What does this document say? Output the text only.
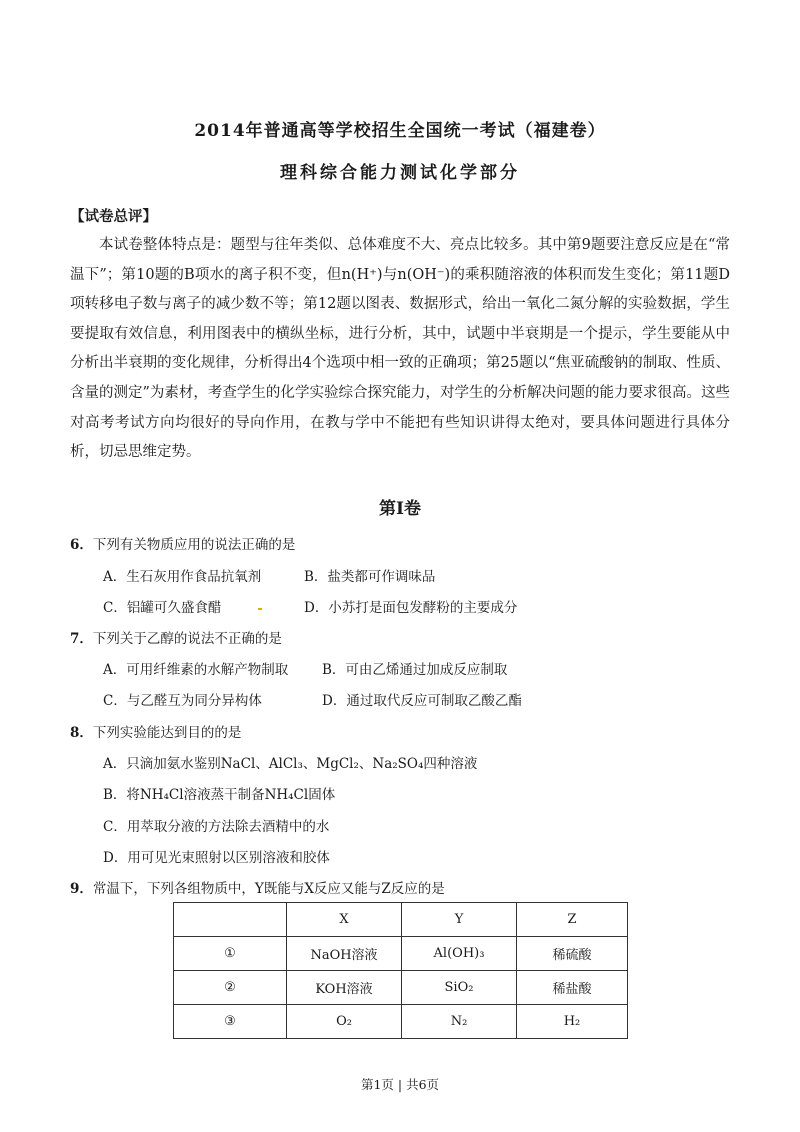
2014年普通高等学校招生全国统一考试（福建卷）
理科综合能力测试化学部分
【试卷总评】
本试卷整体特点是：题型与往年类似、总体难度不大、亮点比较多。其中第9题要注意反应是在“常温下”；第10题的B项水的离子积不变，但n(H⁺)与n(OH⁻)的乘积随溶液的体积而发生变化；第11题D项转移电子数与离子的减少数不等；第12题以图表、数据形式，给出一氧化二氮分解的实验数据，学生要提取有效信息，利用图表中的横纵坐标，进行分析，其中，试题中半衰期是一个提示，学生要能从中分析出半衰期的变化规律，分析得出4个选项中相一致的正确项；第25题以“焦亚硫酸钠的制取、性质、含量的测定”为素材，考查学生的化学实验综合探究能力，对学生的分析解决问题的能力要求很高。这些对高考考试方向均很好的导向作用，在教与学中不能把有些知识讲得太绝对，要具体问题进行具体分析，切忌思维定势。
第I卷
6．下列有关物质应用的说法正确的是
A．生石灰用作食品抗氧剂	B．盐类都可作调味品
C．铝罐可久盛食醋	D．小苏打是面包发酵粉的主要成分
7．下列关于乙醇的说法不正确的是
A．可用纤维素的水解产物制取	B．可由乙烯通过加成反应制取
C．与乙醛互为同分异构体	D．通过取代反应可制取乙酸乙酯
8．下列实验能达到目的的是
A．只滴加氨水鉴别NaCl、AlCl₃、MgCl₂、Na₂SO₄四种溶液
B．将NH₄Cl溶液蒸干制备NH₄Cl固体
C．用萃取分液的方法除去酒精中的水
D．用可见光束照射以区别溶液和胶体
9．常温下，下列各组物质中，Y既能与X反应又能与Z反应的是
	X	Y	Z
①	NaOH溶液	Al(OH)₃	稀硫酸
②	KOH溶液	SiO₂	稀盐酸
③	O₂	N₂	H₂
第1页 | 共6页
